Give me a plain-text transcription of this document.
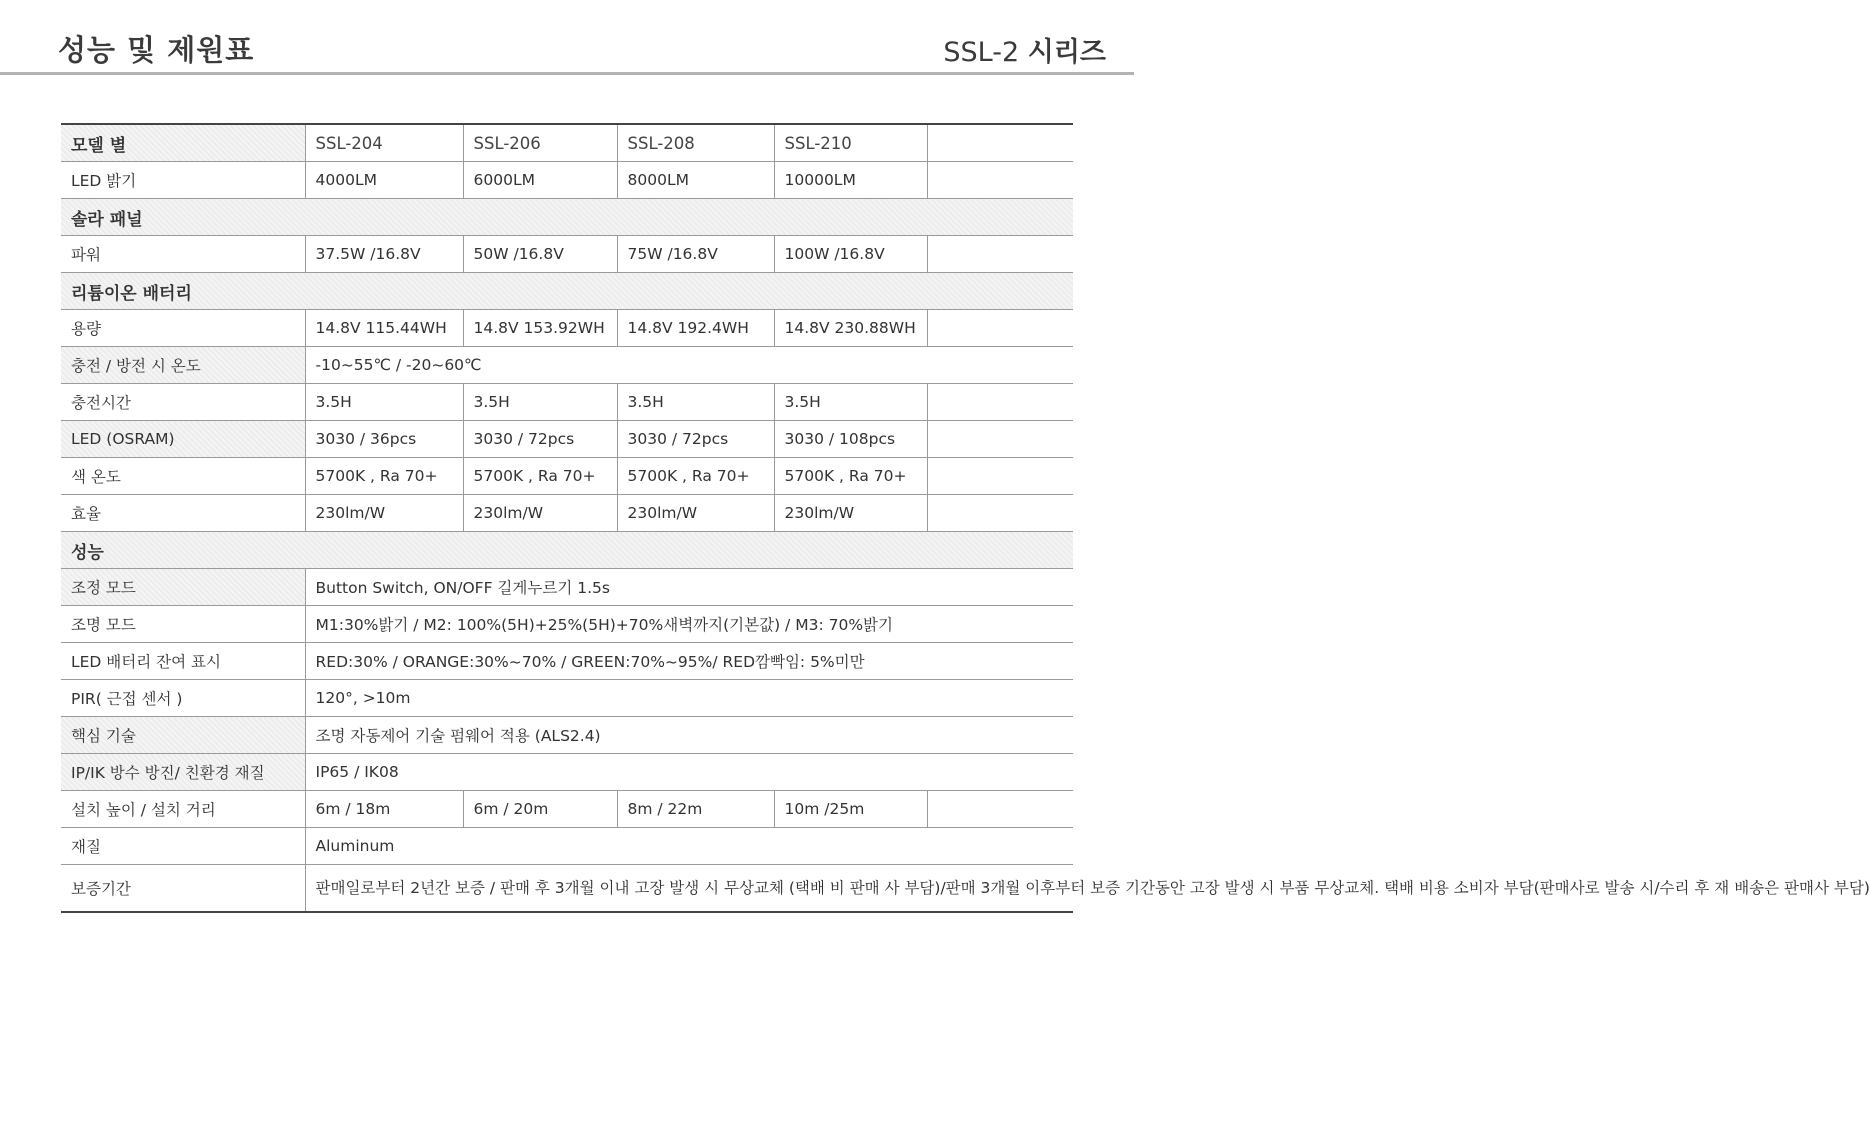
성능 및 제원표	SSL-2 시리즈
모델 별	SSL-204	SSL-206	SSL-208	SSL-210	
LED 밝기	4000LM	6000LM	8000LM	10000LM	
솔라 패널					
파워	37.5W /16.8V	50W /16.8V	75W /16.8V	100W /16.8V	
리튬이온 배터리					
용량	14.8V 115.44WH	14.8V 153.92WH	14.8V 192.4WH	14.8V 230.88WH	
충전 / 방전 시 온도	-10~55℃ / -20~60℃				
충전시간	3.5H	3.5H	3.5H	3.5H	
LED (OSRAM)	3030 / 36pcs	3030 / 72pcs	3030 / 72pcs	3030 / 108pcs	
색 온도	5700K , Ra 70+	5700K , Ra 70+	5700K , Ra 70+	5700K , Ra 70+	
효율	230lm/W	230lm/W	230lm/W	230lm/W	
성능					
조정 모드	Button Switch, ON/OFF 길게누르기 1.5s				
조명 모드	M1:30%밝기 / M2: 100%(5H)+25%(5H)+70%새벽까지(기본값) / M3: 70%밝기				
LED 배터리 잔여 표시	RED:30% / ORANGE:30%~70% / GREEN:70%~95%/ RED깜빡임: 5%미만				
PIR( 근접 센서 )	120°, >10m				
핵심 기술	조명 자동제어 기술 펌웨어 적용 (ALS2.4)				
IP/IK 방수 방진/ 친환경 재질	IP65 / IK08				
설치 높이 / 설치 거리	6m / 18m	6m / 20m	8m / 22m	10m /25m	
재질	Aluminum				
보증기간	판매일로부터 2년간 보증 / 판매 후 3개월 이내 고장 발생 시 무상교체 (택배 비 판매 사 부담)/판매 3개월 이후부터 보증 기간동안 고장 발생 시 부품 무상교체. 택배 비용 소비자 부담(판매사로 발송 시/수리 후 재 배송은 판매사 부담)				
